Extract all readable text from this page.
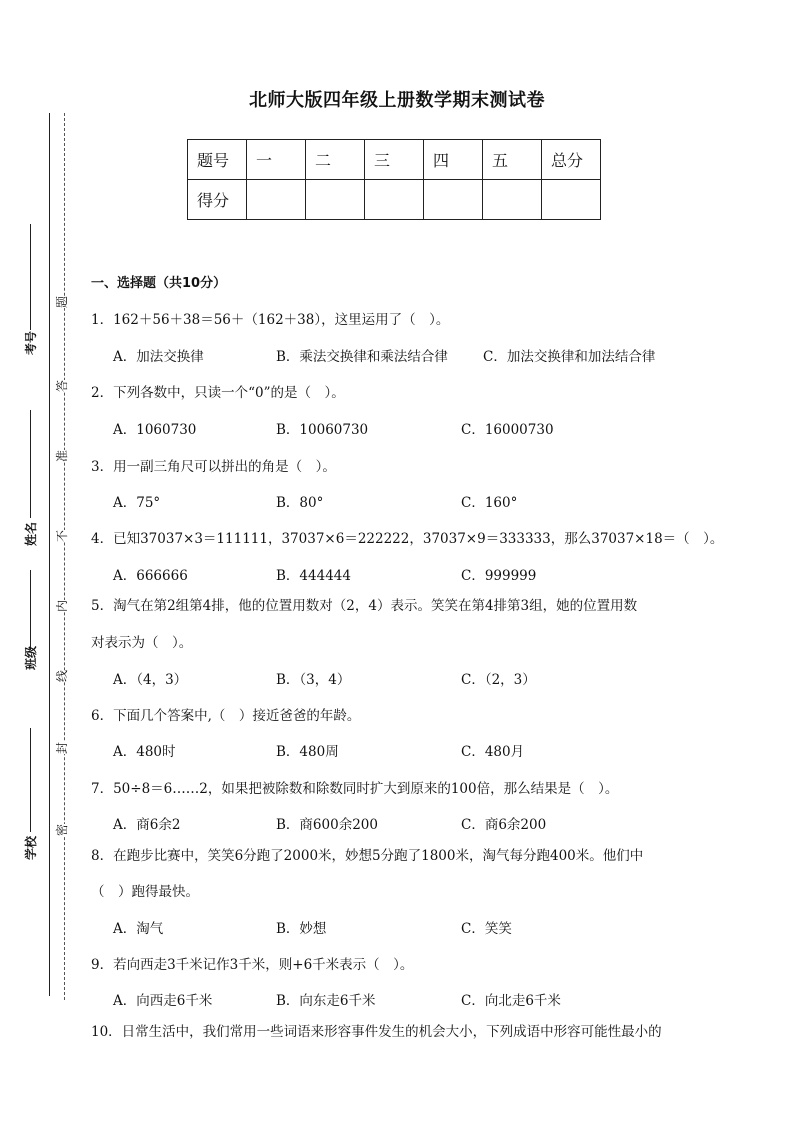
北师大版四年级上册数学期末测试卷
题号	一	二	三	四	五	总分
得分						
考号
姓名
班级
学校
题
答
准
不
内
线
封
密
一、选择题（共10分）
1．162＋56＋38＝56＋（162＋38），这里运用了（　）。
A．加法交换律	B．乘法交换律和乘法结合律	C．加法交换律和加法结合律
2．下列各数中，只读一个“0”的是（　）。
A．1060730	B．10060730	C．16000730
3．用一副三角尺可以拼出的角是（　）。
A．75°	B．80°	C．160°
4．已知37037×3＝111111，37037×6＝222222，37037×9＝333333，那么37037×18＝（　）。
A．666666	B．444444	C．999999
5．淘气在第2组第4排，他的位置用数对（2，4）表示。笑笑在第4排第3组，她的位置用数
对表示为（　）。
A．（4，3）	B．（3，4）	C．（2，3）
6．下面几个答案中,（　）接近爸爸的年龄。
A．480时	B．480周	C．480月
7．50÷8＝6……2，如果把被除数和除数同时扩大到原来的100倍，那么结果是（　）。
A．商6余2	B．商600余200	C．商6余200
8．在跑步比赛中，笑笑6分跑了2000米，妙想5分跑了1800米，淘气每分跑400米。他们中
（　）跑得最快。
A．淘气	B．妙想	C．笑笑
9．若向西走3千米记作3千米，则+6千米表示（　）。
A．向西走6千米	B．向东走6千米	C．向北走6千米
10．日常生活中，我们常用一些词语来形容事件发生的机会大小，下列成语中形容可能性最小的
